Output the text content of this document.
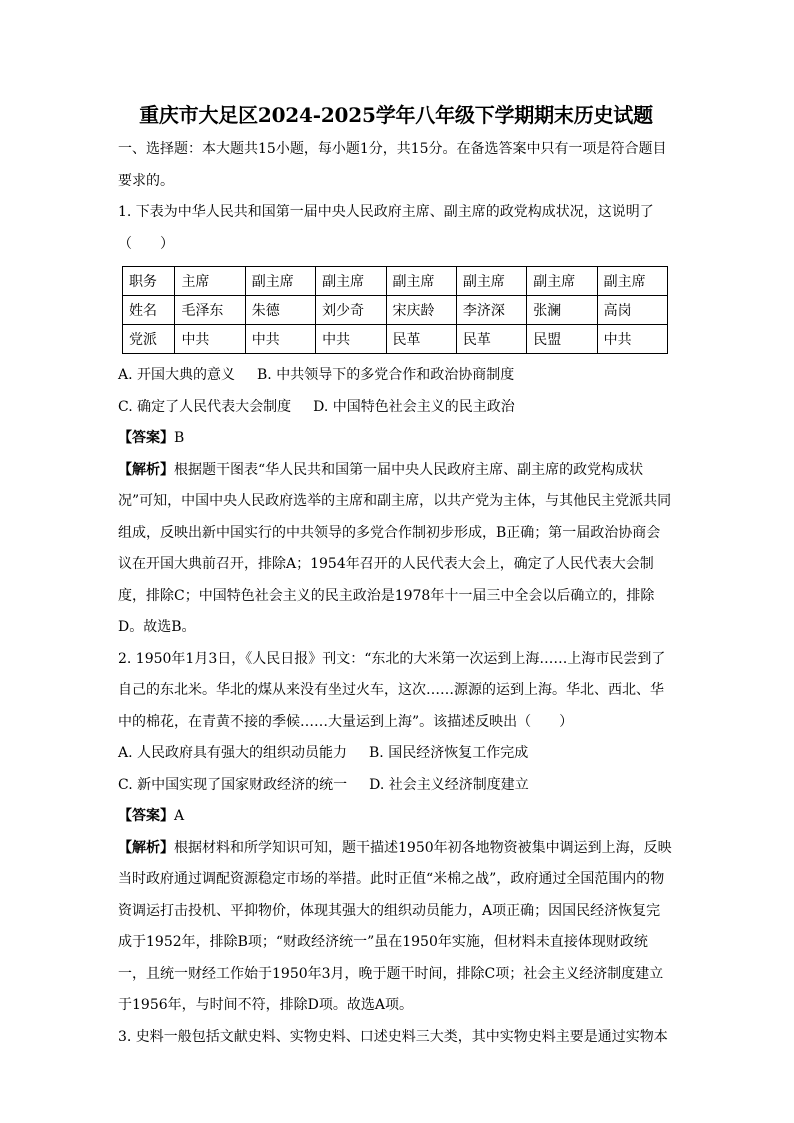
重庆市大足区2024-2025学年八年级下学期期末历史试题

一、选择题：本大题共15小题，每小题1分，共15分。在备选答案中只有一项是符合题目要求的。

1. 下表为中华人民共和国第一届中央人民政府主席、副主席的政党构成状况，这说明了（　　）

职务	主席	副主席	副主席	副主席	副主席	副主席	副主席
姓名	毛泽东	朱德	刘少奇	宋庆龄	李济深	张澜	高岗
党派	中共	中共	中共	民革	民革	民盟	中共

A. 开国大典的意义 B. 中共领导下的多党合作和政治协商制度

C. 确定了人民代表大会制度 D. 中国特色社会主义的民主政治

【答案】B

【解析】根据题干图表“华人民共和国第一届中央人民政府主席、副主席的政党构成状况”可知，中国中央人民政府选举的主席和副主席，以共产党为主体，与其他民主党派共同组成，反映出新中国实行的中共领导的多党合作制初步形成，B正确；第一届政治协商会议在开国大典前召开，排除A；1954年召开的人民代表大会上，确定了人民代表大会制度，排除C；中国特色社会主义的民主政治是1978年十一届三中全会以后确立的，排除D。故选B。

2. 1950年1月3日，《人民日报》刊文：“东北的大米第一次运到上海……上海市民尝到了自己的东北米。华北的煤从来没有坐过火车，这次……源源的运到上海。华北、西北、华中的棉花，在青黄不接的季候……大量运到上海”。该描述反映出（　　）

A. 人民政府具有强大的组织动员能力 B. 国民经济恢复工作完成

C. 新中国实现了国家财政经济的统一 D. 社会主义经济制度建立

【答案】A

【解析】根据材料和所学知识可知，题干描述1950年初各地物资被集中调运到上海，反映当时政府通过调配资源稳定市场的举措。此时正值“米棉之战”，政府通过全国范围内的物资调运打击投机、平抑物价，体现其强大的组织动员能力，A项正确；因国民经济恢复完成于1952年，排除B项；“财政经济统一”虽在1950年实施，但材料未直接体现财政统一，且统一财经工作始于1950年3月，晚于题干时间，排除C项；社会主义经济制度建立于1956年，与时间不符，排除D项。故选A项。

3. 史料一般包括文献史料、实物史料、口述史料三大类，其中实物史料主要是通过实物本
